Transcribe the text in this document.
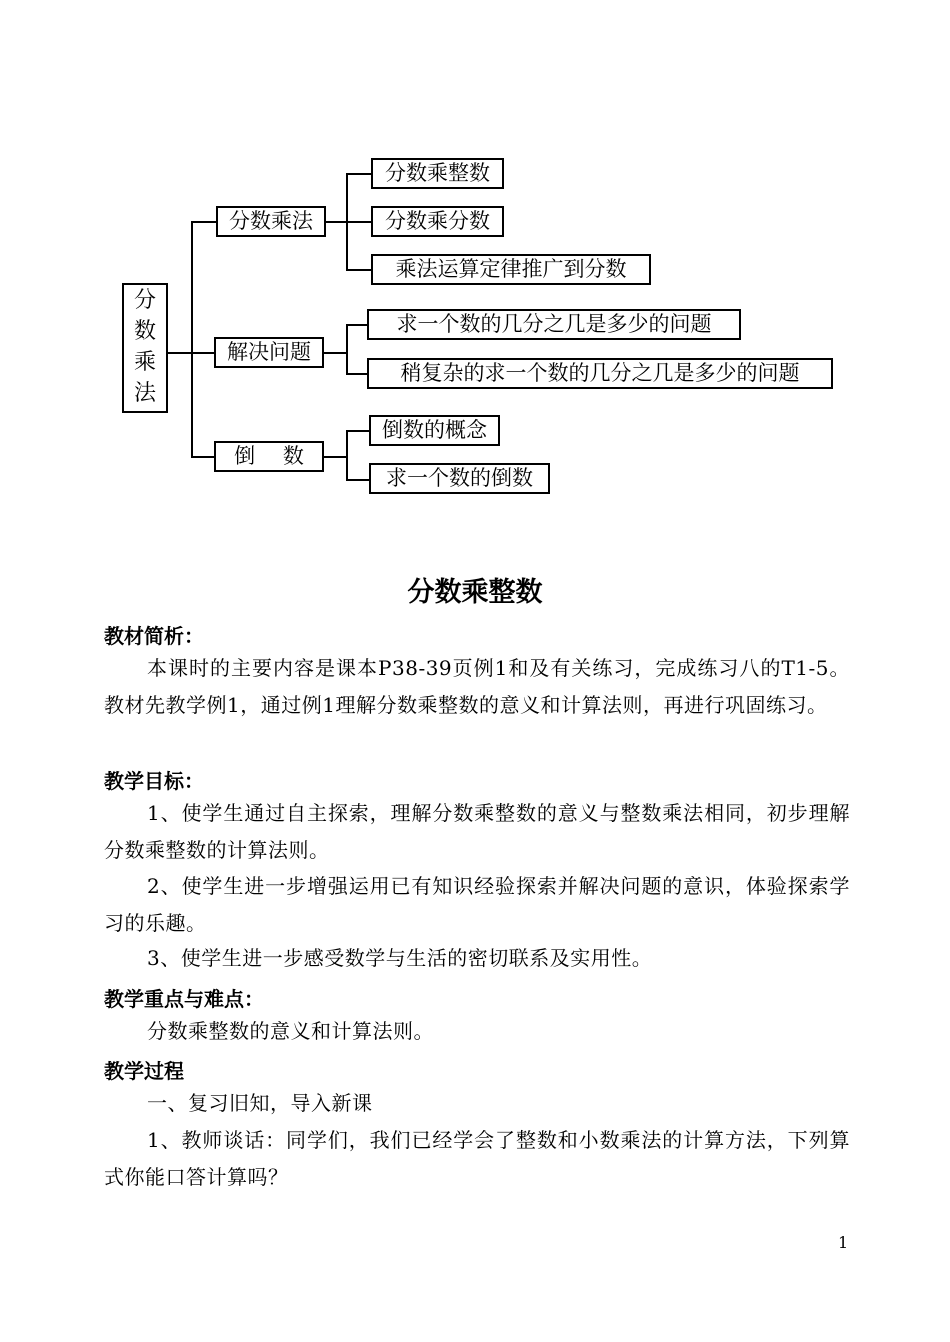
分
数
乘
法
分数乘法
解决问题
倒　 数
分数乘整数
分数乘分数
乘法运算定律推广到分数
求一个数的几分之几是多少的问题
稍复杂的求一个数的几分之几是多少的问题
倒数的概念
求一个数的倒数
分数乘整数
教材简析：
本课时的主要内容是课本P38-39页例1和及有关练习，完成练习八的T1-5。教材先教学例1，通过例1理解分数乘整数的意义和计算法则，再进行巩固练习。
教学目标：
1、使学生通过自主探索，理解分数乘整数的意义与整数乘法相同，初步理解分数乘整数的计算法则。
2、使学生进一步增强运用已有知识经验探索并解决问题的意识，体验探索学习的乐趣。
3、使学生进一步感受数学与生活的密切联系及实用性。
教学重点与难点：
分数乘整数的意义和计算法则。
教学过程
一、复习旧知，导入新课
1、教师谈话：同学们，我们已经学会了整数和小数乘法的计算方法，下列算式你能口答计算吗？
1
